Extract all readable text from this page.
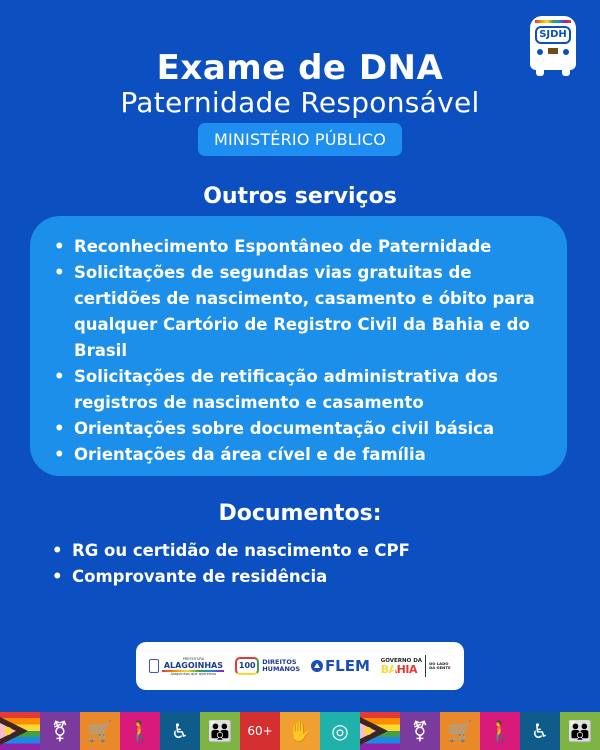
SJDH
Exame de DNA
Paternidade Responsável
MINISTÉRIO PÚBLICO
Outros serviços
• Reconhecimento Espontâneo de Paternidade
• Solicitações de segundas vias gratuitas de certidões de nascimento, casamento e óbito para qualquer Cartório de Registro Civil da Bahia e do Brasil
• Solicitações de retificação administrativa dos registros de nascimento e casamento
• Orientações sobre documentação civil básica
• Orientações da área cível e de família
Documentos:
• RG ou certidão de nascimento e CPF
• Comprovante de residência
PREFEITURA
ALAGOINHAS
Alagoinhas que queremos
100	DIREITOS
HUMANOS FLEM GOVERNO DA
BAHIA	DO LADO
DA GENTE
⚧ 🛒 🚶 ♿ 👪	60+ ✋ ◎	⚧ 🛒 🚶 ♿ 👪
